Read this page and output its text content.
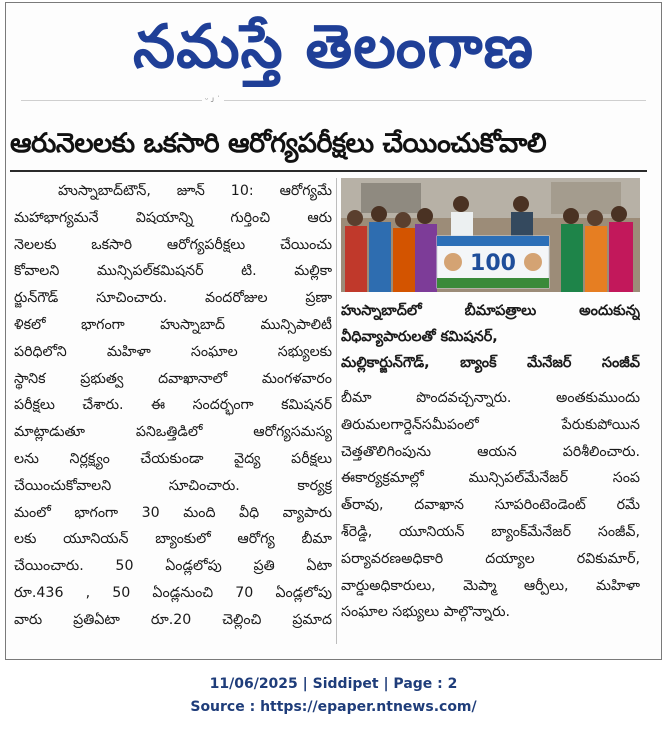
నమస్తే తెలంగాణ
ᵕ ᴊ ˙
ఆరునెలలకు ఒకసారి ఆరోగ్యపరీక్షలు చేయించుకోవాలి
హుస్నాబాద్‌టౌన్, జూన్ 10: ఆరోగ్యమే
మహాభాగ్యమనే విషయాన్ని గుర్తించి ఆరు
నెలలకు ఒకసారి ఆరోగ్యపరీక్షలు చేయించు
కోవాలని మున్సిపల్‌కమిషనర్ టి. మల్లికా
ర్జున్‌గౌడ్ సూచించారు. వందరోజుల ప్రణా
ళికలో భాగంగా హుస్నాబాద్ మున్సిపాలిటీ
పరిధిలోని మహిళా సంఘాల సభ్యులకు
స్థానిక ప్రభుత్వ దవాఖానాలో మంగళవారం
పరీక్షలు చేశారు. ఈ సందర్భంగా కమిషనర్
మాట్లాడుతూ పనిఒత్తిడిలో ఆరోగ్యసమస్య
లను నిర్లక్ష్యం చేయకుండా వైద్య పరీక్షలు
చేయించుకోవాలని సూచించారు. కార్యక్ర
మంలో భాగంగా 30 మంది వీధి వ్యాపారు
లకు యూనియన్ బ్యాంకులో ఆరోగ్య బీమా
చేయించారు. 50 ఏండ్లలోపు ప్రతి ఏటా
రూ.436 , 50 ఏండ్లనుంచి 70 ఏండ్లలోపు
వారు ప్రతిఏటా రూ.20 చెల్లించి ప్రమాద
100
హుస్నాబాద్‌లో బీమాపత్రాలు అందుకున్న
వీధివ్యాపారులతో కమిషనర్,
మల్లికార్జున్‌గౌడ్, బ్యాంక్ మేనేజర్ సంజీవ్
బీమా పొందవచ్చన్నారు. అంతకుముందు
తిరుమలగార్డెన్‌సమీపంలో పేరుకుపోయిన
చెత్తతొలిగింపును ఆయన పరిశీలించారు.
ఈకార్యక్రమాల్లో మున్సిపల్‌మేనేజర్ సంప
త్‌రావు, దవాఖాన సూపరింటెండెంట్ రమే
శ్‌రెడ్డి, యూనియన్ బ్యాంక్‌మేనేజర్ సంజీవ్,
పర్యావరణఅధికారి దయ్యాల రవికుమార్,
వార్డుఅధికారులు, మెప్మా ఆర్పీలు, మహిళా
సంఘాల సభ్యులు పాల్గొన్నారు.
11/06/2025 | Siddipet | Page : 2
Source : https://epaper.ntnews.com/
